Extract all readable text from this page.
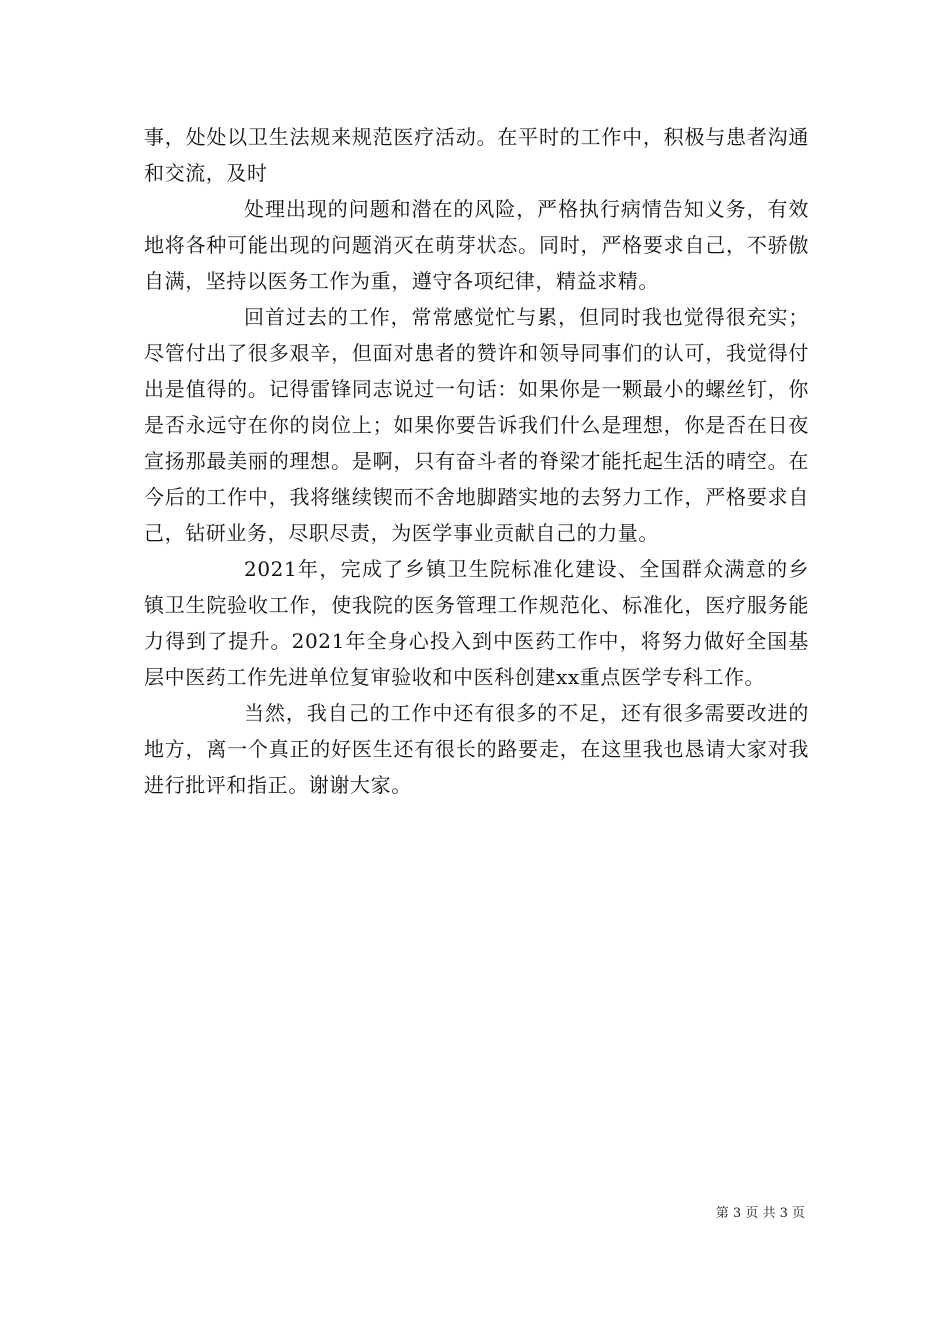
事，处处以卫生法规来规范医疗活动。在平时的工作中，积极与患者沟通和交流，及时

处理出现的问题和潜在的风险，严格执行病情告知义务，有效地将各种可能出现的问题消灭在萌芽状态。同时，严格要求自己，不骄傲自满，坚持以医务工作为重，遵守各项纪律，精益求精。

回首过去的工作，常常感觉忙与累，但同时我也觉得很充实；尽管付出了很多艰辛，但面对患者的赞许和领导同事们的认可，我觉得付出是值得的。记得雷锋同志说过一句话：如果你是一颗最小的螺丝钉，你是否永远守在你的岗位上；如果你要告诉我们什么是理想，你是否在日夜宣扬那最美丽的理想。是啊，只有奋斗者的脊梁才能托起生活的晴空。在今后的工作中，我将继续锲而不舍地脚踏实地的去努力工作，严格要求自己，钻研业务，尽职尽责，为医学事业贡献自己的力量。

2021年，完成了乡镇卫生院标准化建设、全国群众满意的乡镇卫生院验收工作，使我院的医务管理工作规范化、标准化，医疗服务能力得到了提升。2021年全身心投入到中医药工作中，将努力做好全国基层中医药工作先进单位复审验收和中医科创建xx重点医学专科工作。

当然，我自己的工作中还有很多的不足，还有很多需要改进的地方，离一个真正的好医生还有很长的路要走，在这里我也恳请大家对我进行批评和指正。谢谢大家。

第 3 页 共 3 页
